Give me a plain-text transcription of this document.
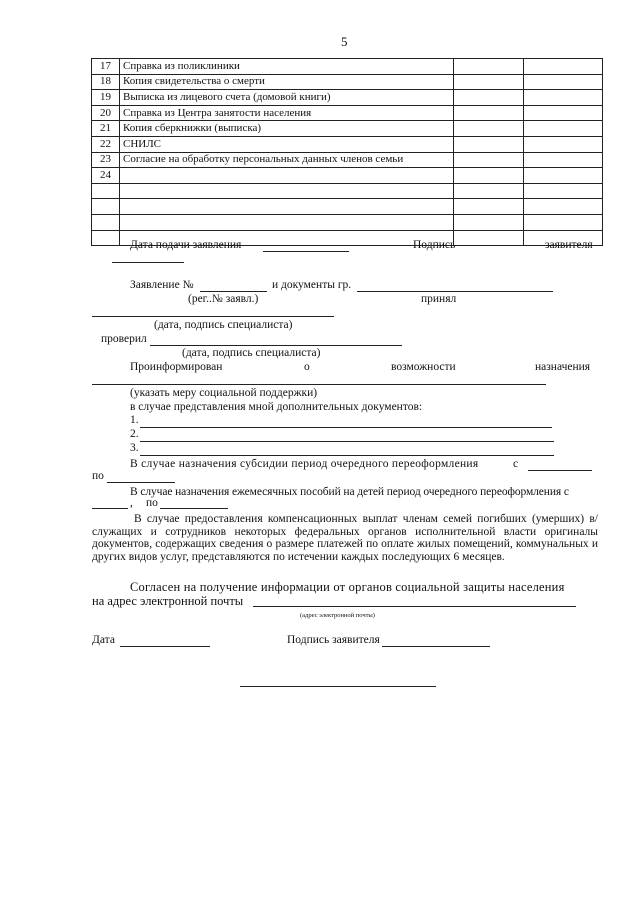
5
17	Справка из поликлиники		
18	Копия свидетельства о смерти		
19	Выписка из лицевого счета (домовой книги)		
20	Справка из Центра занятости населения		
21	Копия сберкнижки (выписка)		
22	СНИЛС		
23	Согласие на обработку персональных данных членов семьи		
24			

Дата подачи заявления	Подпись	заявителя
Заявление №	и документы гр.
(рег..№ заявл.)	принял
(дата, подпись специалиста)
проверил
(дата, подпись специалиста)
Проинформирован	о	возможности	назначения
(указать меру социальной поддержки)
в случае представления мной дополнительных документов:
1.
2.
3.
В случае назначения субсидии период очередного переоформления	с
по
В случае назначения ежемесячных пособий на детей период очередного переоформления с
, по
В случае предоставления компенсационных выплат членам семей погибших (умерших) в/служащих и сотрудников некоторых федеральных органов исполнительной власти оригиналы документов, содержащих сведения о размере платежей по оплате жилых помещений, коммунальных и других видов услуг, представляются по истечении каждых последующих 6 месяцев.
Согласен на получение информации от органов социальной защиты населения
на адрес электронной почты
(адрес электронной почты)
Дата	Подпись заявителя
